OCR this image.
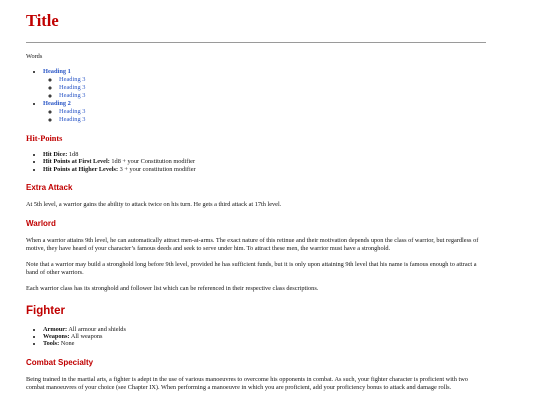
Title
Words
• Heading 1
◦ Heading 3
◦ Heading 3
◦ Heading 3
• Heading 2
◦ Heading 3
◦ Heading 3
Hit-Points
• Hit Dice: 1d8
• Hit Points at First Level: 1d8 + your Constitution modifier
• Hit Points at Higher Levels: 3 + your constitution modifier
Extra Attack

At 5th level, a warrior gains the ability to attack twice on his turn. He gets a third attack at 17th level.

Warlord

When a warrior attains 9th level, he can automatically attract men-at-arms. The exact nature of this retinue and their motivation depends upon the class of warrior, but regardless of motive, they have heard of your character’s famous deeds and seek to serve under him. To attract these men, the warrior must have a stronghold.

Note that a warrior may build a stronghold long before 9th level, provided he has sufficient funds, but it is only upon attaining 9th level that his name is famous enough to attract a band of other warriors.

Each warrior class has its stronghold and follower list which can be referenced in their respective class descriptions.

Fighter
• Armour: All armour and shields
• Weapons: All weapons
• Tools: None
Combat Specialty

Being trained in the martial arts, a fighter is adept in the use of various manoeuvres to overcome his opponents in combat. As such, your fighter character is proficient with two combat manoeuvres of your choice (see Chapter IX). When performing a manoeuvre in which you are proficient, add your proficiency bonus to attack and damage rolls.
